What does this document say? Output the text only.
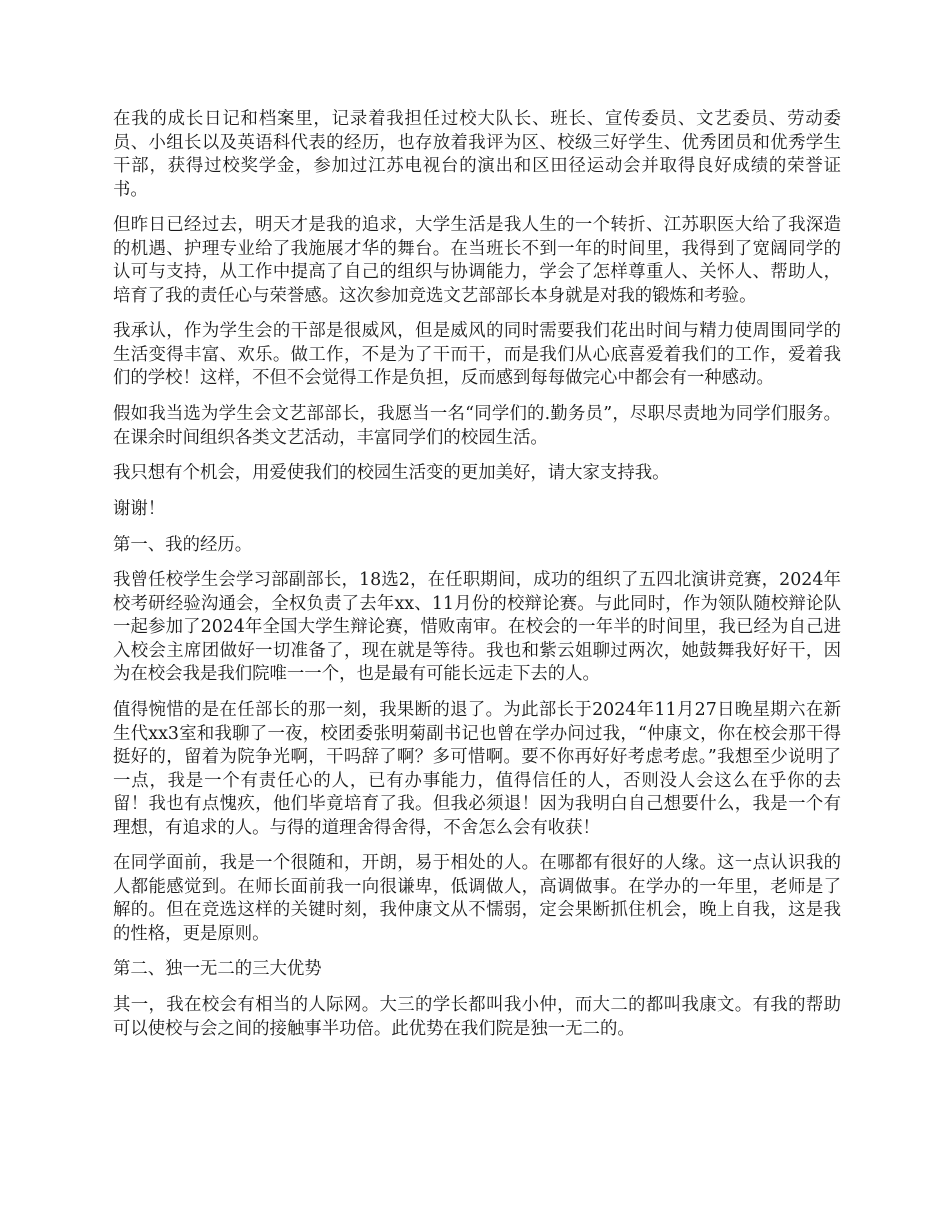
在我的成长日记和档案里，记录着我担任过校大队长、班长、宣传委员、文艺委员、劳动委员、小组长以及英语科代表的经历，也存放着我评为区、校级三好学生、优秀团员和优秀学生干部，获得过校奖学金，参加过江苏电视台的演出和区田径运动会并取得良好成绩的荣誉证书。

但昨日已经过去，明天才是我的追求，大学生活是我人生的一个转折、江苏职医大给了我深造的机遇、护理专业给了我施展才华的舞台。在当班长不到一年的时间里，我得到了宽阔同学的认可与支持，从工作中提高了自己的组织与协调能力，学会了怎样尊重人、关怀人、帮助人，培育了我的责任心与荣誉感。这次参加竞选文艺部部长本身就是对我的锻炼和考验。

我承认，作为学生会的干部是很威风，但是威风的同时需要我们花出时间与精力使周围同学的生活变得丰富、欢乐。做工作，不是为了干而干，而是我们从心底喜爱着我们的工作，爱着我们的学校！这样，不但不会觉得工作是负担，反而感到每每做完心中都会有一种感动。

假如我当选为学生会文艺部部长，我愿当一名“同学们的.勤务员”，尽职尽责地为同学们服务。在课余时间组织各类文艺活动，丰富同学们的校园生活。

我只想有个机会，用爱使我们的校园生活变的更加美好，请大家支持我。

谢谢！

第一、我的经历。

我曾任校学生会学习部副部长，18选2，在任职期间，成功的组织了五四北演讲竞赛，2024年校考研经验沟通会，全权负责了去年xx、11月份的校辩论赛。与此同时，作为领队随校辩论队一起参加了2024年全国大学生辩论赛，惜败南审。在校会的一年半的时间里，我已经为自己进入校会主席团做好一切准备了，现在就是等待。我也和紫云姐聊过两次，她鼓舞我好好干，因为在校会我是我们院唯一一个，也是最有可能长远走下去的人。

值得惋惜的是在任部长的那一刻，我果断的退了。为此部长于2024年11月27日晚星期六在新生代xx3室和我聊了一夜，校团委张明菊副书记也曾在学办问过我，“仲康文，你在校会那干得挺好的，留着为院争光啊，干吗辞了啊？多可惜啊。要不你再好好考虑考虑。”我想至少说明了一点，我是一个有责任心的人，已有办事能力，值得信任的人，否则没人会这么在乎你的去留！我也有点愧疚，他们毕竟培育了我。但我必须退！因为我明白自己想要什么，我是一个有理想，有追求的人。与得的道理舍得舍得，不舍怎么会有收获！

在同学面前，我是一个很随和，开朗，易于相处的人。在哪都有很好的人缘。这一点认识我的人都能感觉到。在师长面前我一向很谦卑，低调做人，高调做事。在学办的一年里，老师是了解的。但在竞选这样的关键时刻，我仲康文从不懦弱，定会果断抓住机会，晚上自我，这是我的性格，更是原则。

第二、独一无二的三大优势

其一，我在校会有相当的人际网。大三的学长都叫我小仲，而大二的都叫我康文。有我的帮助可以使校与会之间的接触事半功倍。此优势在我们院是独一无二的。
